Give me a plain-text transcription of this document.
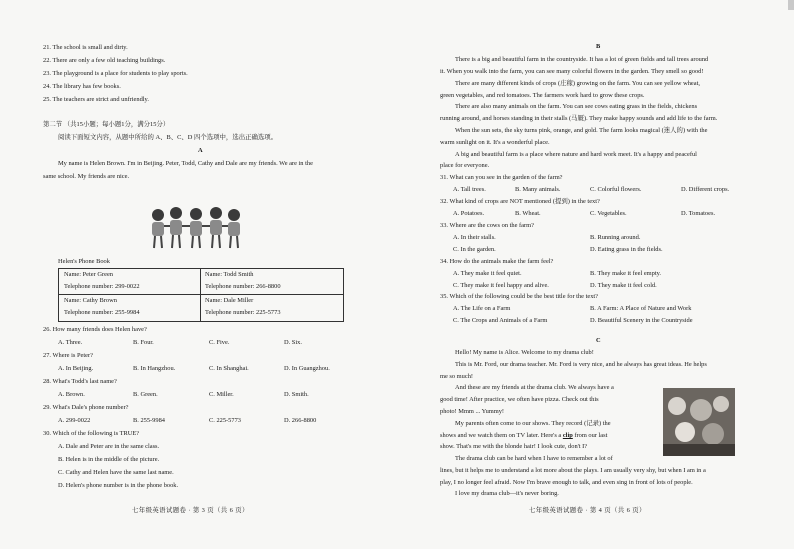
21. The school is small and dirty.
22. There are only a few old teaching buildings.
23. The playground is a place for students to play sports.
24. The library has few books.
25. The teachers are strict and unfriendly.
第二节 （共15小题；每小题1分，满分15分）
阅读下面短文内容，从题中所给的 A、B、C、D 四个选项中，选出正确选项。
A
My name is Helen Brown. I'm in Beijing. Peter, Todd, Cathy and Dale are my friends. We are in the
same school. My friends are nice.
Helen's Phone Book
Name: Peter Green
Telephone number: 299-0022
Name: Todd Smith
Telephone number: 266-8800
Name: Cathy Brown
Telephone number: 255-9984
Name: Dale Miller
Telephone number: 225-5773
26. How many friends does Helen have?
A. Three.	B. Four.	C. Five.	D. Six.
27. Where is Peter?
A. In Beijing.	B. In Hangzhou.	C. In Shanghai.	D. In Guangzhou.
28. What's Todd's last name?
A. Brown.	B. Green.	C. Miller.	D. Smith.
29. What's Dale's phone number?
A. 299-0022	B. 255-9984	C. 225-5773	D. 266-8800
30. Which of the following is TRUE?
A. Dale and Peter are in the same class.
B. Helen is in the middle of the picture.
C. Cathy and Helen have the same last name.
D. Helen's phone number is in the phone book.
七年级英语试题卷 · 第 3 页（共 6 页）
B
There is a big and beautiful farm in the countryside. It has a lot of green fields and tall trees around
it. When you walk into the farm, you can see many colorful flowers in the garden. They smell so good!
There are many different kinds of crops (庄稼) growing on the farm. You can see yellow wheat,
green vegetables, and red tomatoes. The farmers work hard to grow these crops.
There are also many animals on the farm. You can see cows eating grass in the fields, chickens
running around, and horses standing in their stalls (马厩). They make happy sounds and add life to the farm.
When the sun sets, the sky turns pink, orange, and gold. The farm looks magical (迷人的) with the
warm sunlight on it. It's a wonderful place.
A big and beautiful farm is a place where nature and hard work meet. It's a happy and peaceful
place for everyone.
31. What can you see in the garden of the farm?
A. Tall trees.	B. Many animals.	C. Colorful flowers.	D. Different crops.
32. What kind of crops are NOT mentioned (提到) in the text?
A. Potatoes.	B. Wheat.	C. Vegetables.	D. Tomatoes.
33. Where are the cows on the farm?
A. In their stalls.	B. Running around.
C. In the garden.	D. Eating grass in the fields.
34. How do the animals make the farm feel?
A. They make it feel quiet.	B. They make it feel empty.
C. They make it feel happy and alive.	D. They make it feel cold.
35. Which of the following could be the best title for the text?
A. The Life on a Farm	B. A Farm: A Place of Nature and Work
C. The Crops and Animals of a Farm	D. Beautiful Scenery in the Countryside
C
Hello! My name is Alice. Welcome to my drama club!
This is Mr. Ford, our drama teacher. Mr. Ford is very nice, and he always has great ideas. He helps
me so much!
And these are my friends at the drama club. We always have a
good time! After practice, we often have pizza. Check out this
photo! Mmm ... Yummy!
My parents often come to our shows. They record (记录) the
shows and we watch them on TV later. Here's a clip from our last
show. That's me with the blonde hair! I look cute, don't I?
The drama club can be hard when I have to remember a lot of
lines, but it helps me to understand a lot more about the plays. I am usually very shy, but when I am in a
play, I no longer feel afraid. Now I'm brave enough to talk, and even sing in front of lots of people.
I love my drama club—it's never boring.
七年级英语试题卷 · 第 4 页（共 6 页）
